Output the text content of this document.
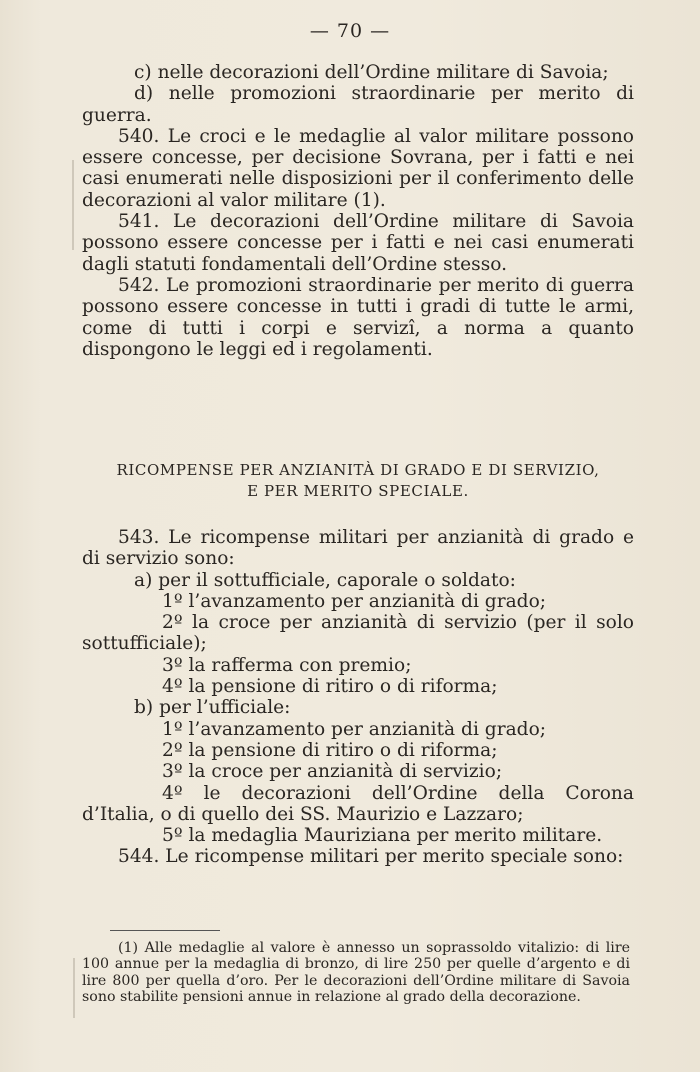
— 70 —

c) nelle decorazioni dell’Ordine militare di Savoia;

d) nelle promozioni straordinarie per merito di guerra.

540. Le croci e le medaglie al valor militare possono essere concesse, per decisione Sovrana, per i fatti e nei casi enumerati nelle disposizioni per il conferimento delle decorazioni al valor militare (1).

541. Le decorazioni dell’Ordine militare di Savoia possono essere concesse per i fatti e nei casi enumerati dagli statuti fondamentali dell’Ordine stesso.

542. Le promozioni straordinarie per merito di guerra possono essere concesse in tutti i gradi di tutte le armi, come di tutti i corpi e servizî, a norma a quanto dispongono le leggi ed i regolamenti.

RICOMPENSE PER ANZIANITÀ DI GRADO E DI SERVIZIO,
E PER MERITO SPECIALE.

543. Le ricompense militari per anzianità di grado e di servizio sono:

a) per il sottufficiale, caporale o soldato:

1º l’avanzamento per anzianità di grado;

2º la croce per anzianità di servizio (per il solo sottufficiale);

3º la rafferma con premio;

4º la pensione di ritiro o di riforma;

b) per l’ufficiale:

1º l’avanzamento per anzianità di grado;

2º la pensione di ritiro o di riforma;

3º la croce per anzianità di servizio;

4º le decorazioni dell’Ordine della Corona d’Italia, o di quello dei SS. Maurizio e Lazzaro;

5º la medaglia Mauriziana per merito militare.

544. Le ricompense militari per merito speciale sono:

(1) Alle medaglie al valore è annesso un soprassoldo vitalizio: di lire 100 annue per la medaglia di bronzo, di lire 250 per quelle d’argento e di lire 800 per quella d’oro. Per le decorazioni dell’Ordine militare di Savoia sono stabilite pensioni annue in relazione al grado della decorazione.
